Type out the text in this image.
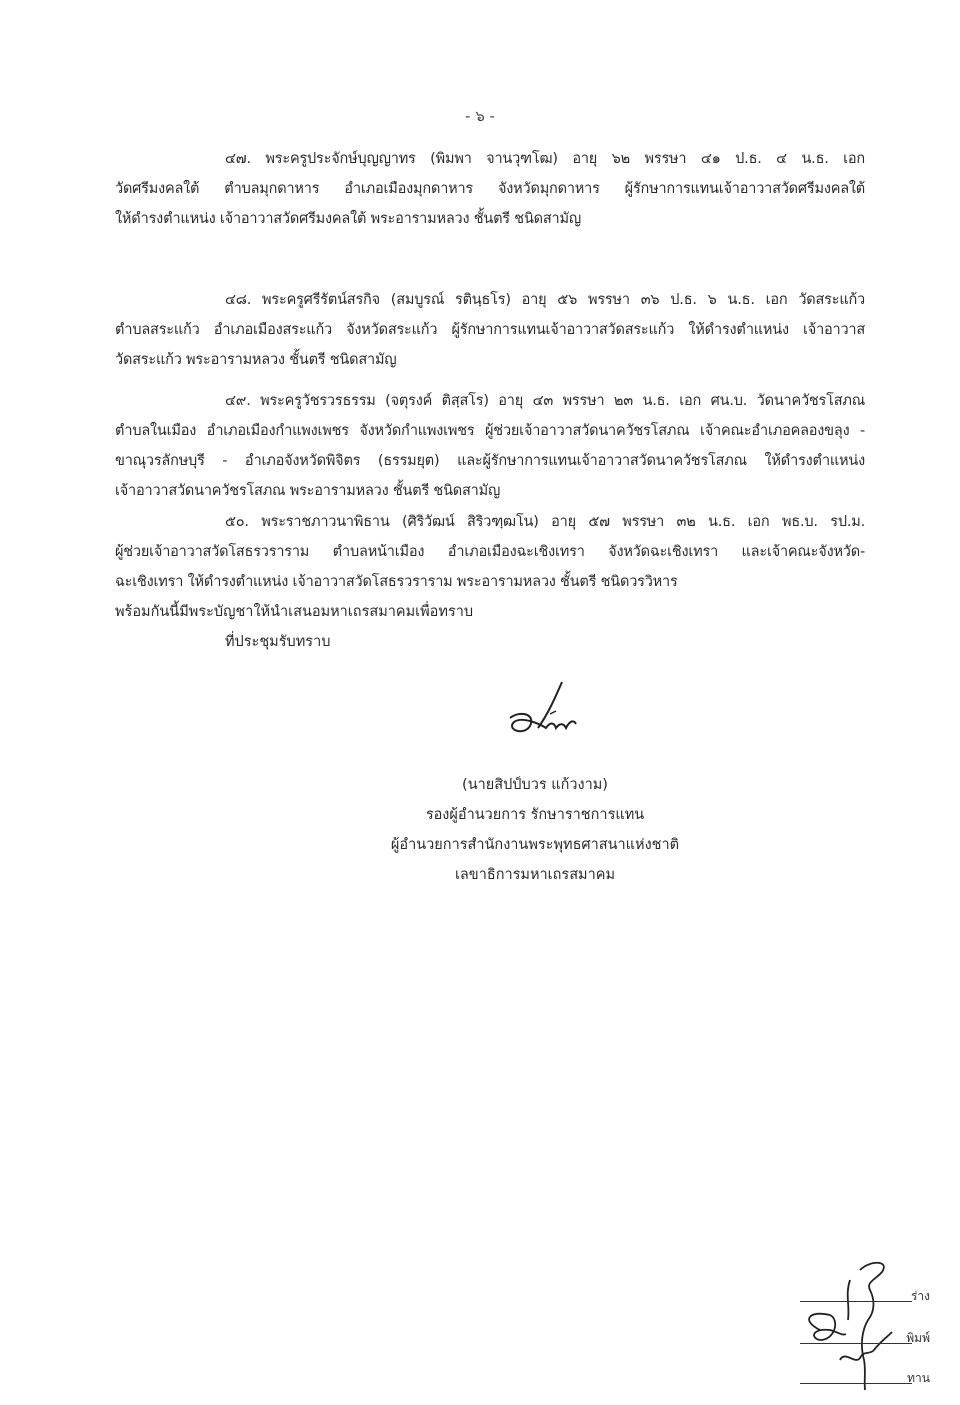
- ๖ -
๔๗. พระครูประจักษ์บุญญาทร (พิมพา จานวุฑโฒ) อายุ ๖๒ พรรษา ๔๑ ป.ธ. ๔ น.ธ. เอก
วัดศรีมงคลใต้ ตำบลมุกดาหาร อำเภอเมืองมุกดาหาร จังหวัดมุกดาหาร ผู้รักษาการแทนเจ้าอาวาสวัดศรีมงคลใต้
ให้ดำรงตำแหน่ง เจ้าอาวาสวัดศรีมงคลใต้ พระอารามหลวง ชั้นตรี ชนิดสามัญ
๔๘. พระครูศรีรัตน์สรกิจ (สมบูรณ์ รตินฺธโร) อายุ ๕๖ พรรษา ๓๖ ป.ธ. ๖ น.ธ. เอก วัดสระแก้ว
ตำบลสระแก้ว อำเภอเมืองสระแก้ว จังหวัดสระแก้ว ผู้รักษาการแทนเจ้าอาวาสวัดสระแก้ว ให้ดำรงตำแหน่ง เจ้าอาวาส
วัดสระแก้ว พระอารามหลวง ชั้นตรี ชนิดสามัญ
๔๙. พระครูวัชรวรธรรม (จตุรงค์ ติสฺสโร) อายุ ๔๓ พรรษา ๒๓ น.ธ. เอก ศน.บ. วัดนาควัชรโสภณ
ตำบลในเมือง อำเภอเมืองกำแพงเพชร จังหวัดกำแพงเพชร ผู้ช่วยเจ้าอาวาสวัดนาควัชรโสภณ เจ้าคณะอำเภอคลองขลุง -
ขาณุวรลักษบุรี - อำเภอจังหวัดพิจิตร (ธรรมยุต) และผู้รักษาการแทนเจ้าอาวาสวัดนาควัชรโสภณ ให้ดำรงตำแหน่ง
เจ้าอาวาสวัดนาควัชรโสภณ พระอารามหลวง ชั้นตรี ชนิดสามัญ
๕๐. พระราชภาวนาพิธาน (ศิริวัฒน์ สิริวฑฺฒโน) อายุ ๕๗ พรรษา ๓๒ น.ธ. เอก พธ.บ. รป.ม.
ผู้ช่วยเจ้าอาวาสวัดโสธรวราราม ตำบลหน้าเมือง อำเภอเมืองฉะเชิงเทรา จังหวัดฉะเชิงเทรา และเจ้าคณะจังหวัด-
ฉะเชิงเทรา ให้ดำรงตำแหน่ง เจ้าอาวาสวัดโสธรวราราม พระอารามหลวง ชั้นตรี ชนิดวรวิหาร
พร้อมกันนี้มีพระบัญชาให้นำเสนอมหาเถรสมาคมเพื่อทราบ
ที่ประชุมรับทราบ
(นายสิปป์บวร แก้วงาม)
รองผู้อำนวยการ รักษาราชการแทน
ผู้อำนวยการสำนักงานพระพุทธศาสนาแห่งชาติ
เลขาธิการมหาเถรสมาคม
ร่าง
พิมพ์
ทาน
